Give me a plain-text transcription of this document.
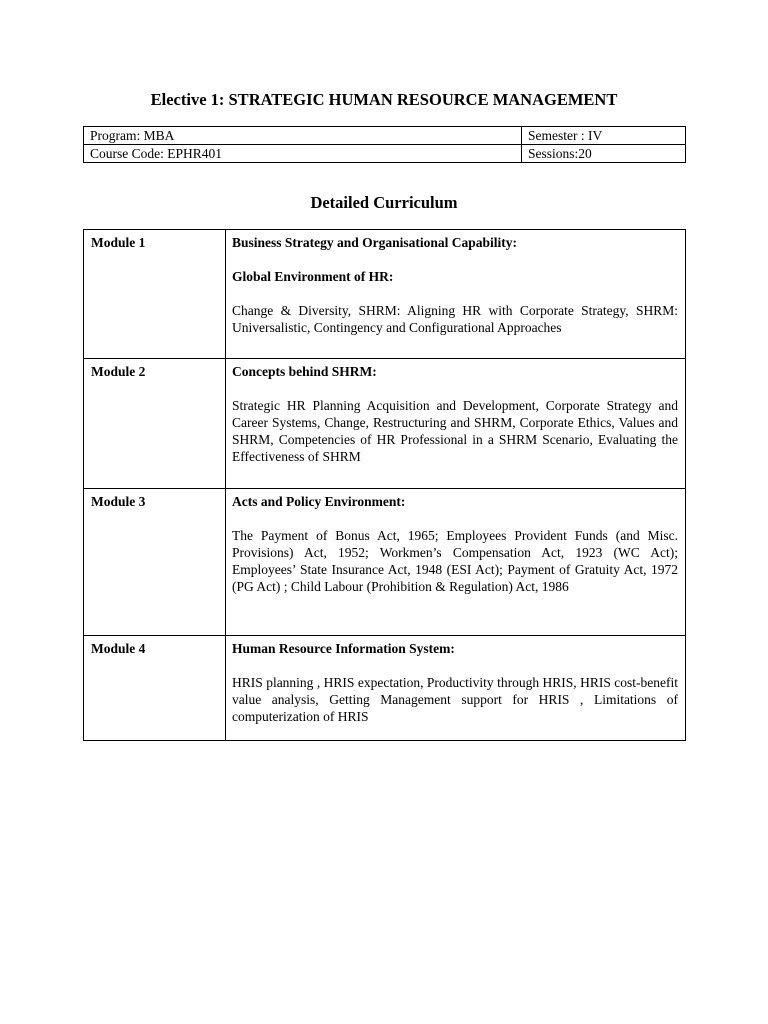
Elective 1: STRATEGIC HUMAN RESOURCE MANAGEMENT
Program: MBA	Semester : IV
Course Code: EPHR401	Sessions:20
Detailed Curriculum
Module 1	Business Strategy and Organisational Capability:

Global Environment of HR:

Change & Diversity, SHRM: Aligning HR with Corporate Strategy, SHRM: Universalistic, Contingency and Configurational Approaches

Module 2	Concepts behind SHRM:

Strategic HR Planning Acquisition and Development, Corporate Strategy and Career Systems, Change, Restructuring and SHRM, Corporate Ethics, Values and SHRM, Competencies of HR Professional in a SHRM Scenario, Evaluating the Effectiveness of SHRM

Module 3	Acts and Policy Environment:

The Payment of Bonus Act, 1965; Employees Provident Funds (and Misc. Provisions) Act, 1952; Workmen’s Compensation Act, 1923 (WC Act); Employees’ State Insurance Act, 1948 (ESI Act); Payment of Gratuity Act, 1972 (PG Act) ; Child Labour (Prohibition & Regulation) Act, 1986

Module 4	Human Resource Information System:

HRIS planning , HRIS expectation, Productivity through HRIS, HRIS cost-benefit value analysis, Getting Management support for HRIS , Limitations of computerization of HRIS
